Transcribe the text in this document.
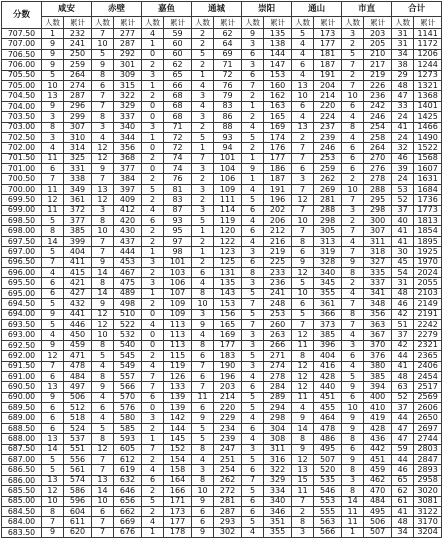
分数	咸安		赤壁		嘉鱼		通城		崇阳		通山		市直		合计	
	人数	累计	人数	累计	人数	累计	人数	累计	人数	累计	人数	累计	人数	累计	人数	累计
707.50	1	232	7	277	4	59	2	62	9	135	5	173	3	203	31	1141
707.00	9	241	10	287	1	60	2	64	3	138	4	177	2	205	31	1172
706.50	9	250	5	292	0	60	5	69	6	144	4	181	5	210	34	1206
706.00	9	259	9	301	2	62	2	71	3	147	6	187	7	217	38	1244
705.50	5	264	8	309	3	65	1	72	6	153	4	191	2	219	29	1273
705.00	10	274	6	315	1	66	4	76	7	160	13	204	7	226	48	1321
704.50	13	287	7	322	2	68	3	79	2	162	10	214	10	236	47	1368
704.00	9	296	7	329	0	68	4	83	1	163	6	220	6	242	33	1401
703.50	3	299	8	337	0	68	3	86	2	165	4	224	4	246	24	1425
703.00	8	307	3	340	3	71	2	88	4	169	13	237	8	254	41	1466
702.50	3	310	4	344	1	72	5	93	5	174	2	239	4	258	24	1490
702.00	4	314	12	356	0	72	1	94	2	176	7	246	6	264	32	1522
701.50	11	325	12	368	2	74	7	101	1	177	7	253	6	270	46	1568
701.00	6	331	9	377	0	74	3	104	9	186	6	259	6	276	39	1607
700.50	7	338	7	384	2	76	2	106	1	187	3	262	2	278	24	1631
700.00	11	349	13	397	5	81	3	109	4	191	7	269	10	288	53	1684
699.50	12	361	12	409	2	83	2	111	5	196	12	281	7	295	52	1736
699.00	11	372	3	412	4	87	3	114	6	202	7	288	3	298	37	1773
698.50	5	377	8	420	6	93	5	119	4	206	10	298	2	300	40	1813
698.00	8	385	10	430	2	95	1	120	6	212	7	305	7	307	41	1854
697.50	14	399	7	437	2	97	2	122	4	216	8	313	4	311	41	1895
697.00	5	404	7	444	1	98	1	123	3	219	6	319	7	318	30	1925
696.50	7	411	9	453	3	101	2	125	6	225	9	328	9	327	45	1970
696.00	4	415	14	467	2	103	6	131	8	233	12	340	8	335	54	2024
695.50	6	421	8	475	3	106	4	135	3	236	5	345	2	337	31	2055
695.00	6	427	14	489	1	107	8	143	5	241	10	355	4	341	48	2103
694.50	5	432	9	498	2	109	10	153	7	248	6	361	7	348	46	2149
694.00	9	441	12	510	0	109	3	156	5	253	5	366	8	356	42	2191
693.50	5	446	12	522	4	113	9	165	7	260	7	373	7	363	51	2242
693.00	4	450	10	532	0	113	4	169	3	263	12	385	4	367	37	2279
692.50	9	459	8	540	0	113	8	177	3	266	11	396	3	370	42	2321
692.00	12	471	5	545	2	115	6	183	5	271	8	404	6	376	44	2365
691.50	7	478	4	549	4	119	7	190	3	274	12	416	4	380	41	2406
691.00	6	484	8	557	7	126	6	196	4	278	12	428	5	385	48	2454
690.50	13	497	9	566	7	133	7	203	6	284	12	440	9	394	63	2517
690.00	9	506	4	570	6	139	11	214	5	289	11	451	6	400	52	2569
689.50	6	512	6	576	0	139	6	220	5	294	4	455	10	410	37	2606
689.00	6	518	4	580	3	142	9	229	4	298	9	464	9	419	44	2650
688.50	6	524	5	585	2	144	5	234	6	304	14	478	9	428	47	2697
688.00	13	537	8	593	1	145	5	239	4	308	8	486	8	436	47	2744
687.50	14	551	12	605	7	152	8	247	3	311	9	495	6	442	59	2803
687.00	5	556	7	612	2	154	4	251	5	316	12	507	9	451	44	2847
686.50	5	561	7	619	4	158	3	254	6	322	13	520	8	459	46	2893
686.00	13	574	13	632	6	164	8	262	7	329	15	535	3	462	65	2958
685.50	12	586	14	646	2	166	10	272	5	334	11	546	8	470	62	3020
685.00	10	596	10	656	5	171	9	281	6	340	7	553	14	484	61	3081
684.50	8	604	6	662	2	173	6	287	6	346	2	555	11	495	41	3122
684.00	7	611	7	669	4	177	6	293	5	351	8	563	11	506	48	3170
683.50	9	620	7	676	1	178	9	302	4	355	3	566	1	507	34	3204
